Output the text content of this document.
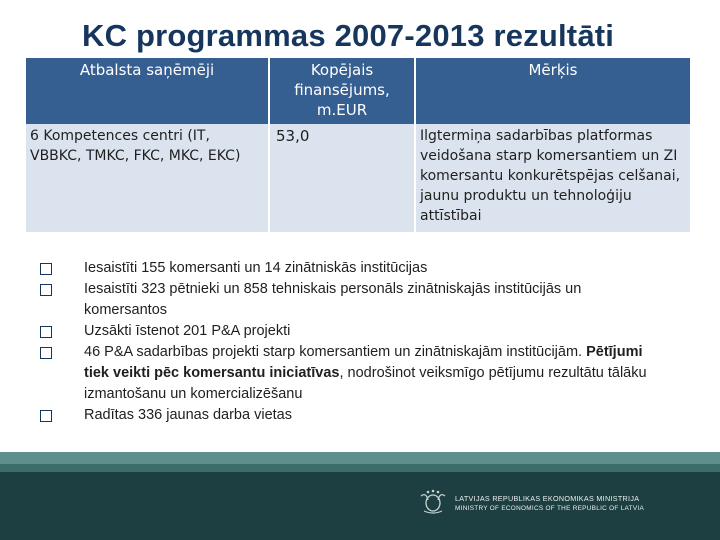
KC programmas 2007-2013 rezultāti
Atbalsta saņēmēji	Kopējais finansējums, m.EUR
Mērķis
6 Kompetences centri (IT, VBBKC, TMKC, FKC, MKC, EKC)
53,0	Ilgtermiņa sadarbības platformas veidošana starp komersantiem un ZI komersantu konkurētspējas celšanai, jaunu produktu un tehnoloģiju attīstībai
Iesaistīti 155 komersanti un 14 zinātniskās institūcijas
Iesaistīti 323 pētnieki un 858 tehniskais personāls zinātniskajās institūcijās un komersantos
Uzsākti īstenot 201 P&A projekti
46 P&A sadarbības projekti starp komersantiem un zinātniskajām institūcijām. Pētījumi tiek veikti pēc komersantu iniciatīvas, nodrošinot veiksmīgo pētījumu rezultātu tālāku izmantošanu un komercializēšanu
Radītas 336 jaunas darba vietas
LATVIJAS REPUBLIKAS EKONOMIKAS MINISTRIJA
MINISTRY OF ECONOMICS OF THE REPUBLIC OF LATVIA
